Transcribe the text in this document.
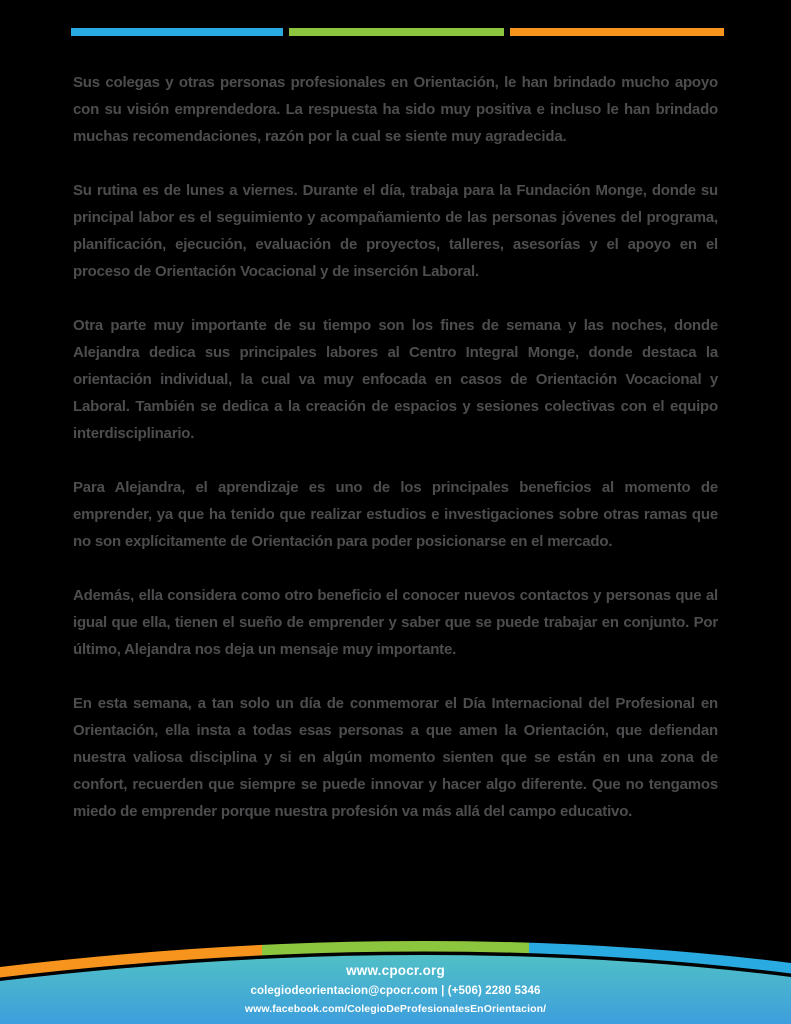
Sus colegas y otras personas profesionales en Orientación, le han brindado mucho apoyo con su visión emprendedora. La respuesta ha sido muy positiva e incluso le han brindado muchas recomendaciones, razón por la cual se siente muy agradecida.

Su rutina es de lunes a viernes. Durante el día, trabaja para la Fundación Monge, donde su principal labor es el seguimiento y acompañamiento de las personas jóvenes del programa, planificación, ejecución, evaluación de proyectos, talleres, asesorías y el apoyo en el proceso de Orientación Vocacional y de inserción Laboral.

Otra parte muy importante de su tiempo son los fines de semana y las noches, donde Alejandra dedica sus principales labores al Centro Integral Monge, donde destaca la orientación individual, la cual va muy enfocada en casos de Orientación Vocacional y Laboral. También se dedica a la creación de espacios y sesiones colectivas con el equipo interdisciplinario.

Para Alejandra, el aprendizaje es uno de los principales beneficios al momento de emprender, ya que ha tenido que realizar estudios e investigaciones sobre otras ramas que no son explícitamente de Orientación para poder posicionarse en el mercado.

Además, ella considera como otro beneficio el conocer nuevos contactos y personas que al igual que ella, tienen el sueño de emprender y saber que se puede trabajar en conjunto. Por último, Alejandra nos deja un mensaje muy importante.

En esta semana, a tan solo un día de conmemorar el Día Internacional del Profesional en Orientación, ella insta a todas esas personas a que amen la Orientación, que defiendan nuestra valiosa disciplina y si en algún momento sienten que se están en una zona de confort, recuerden que siempre se puede innovar y hacer algo diferente. Que no tengamos miedo de emprender porque nuestra profesión va más allá del campo educativo.

www.cpocr.org
colegiodeorientacion@cpocr.com | (+506) 2280 5346
www.facebook.com/ColegioDeProfesionalesEnOrientacion/
